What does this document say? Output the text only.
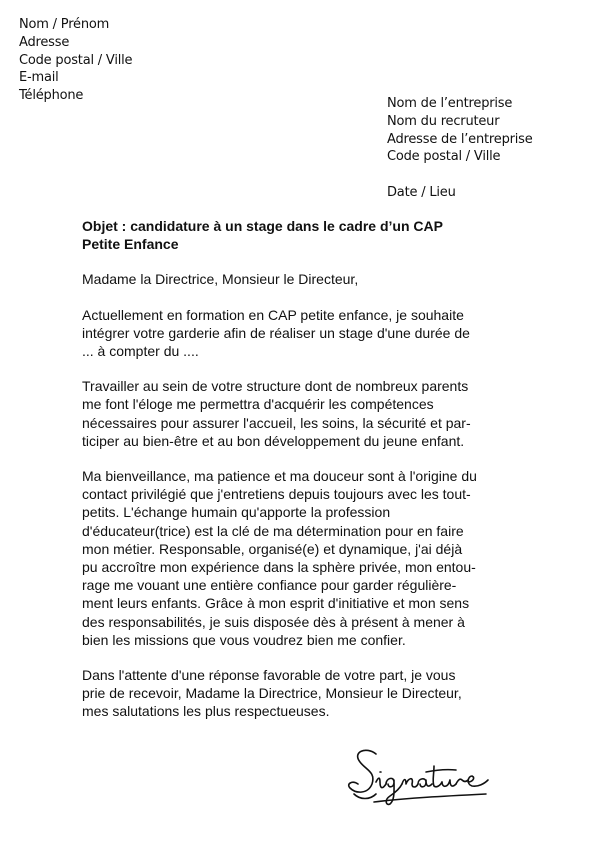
Nom / Prénom
Adresse
Code postal / Ville
E-mail
Téléphone
Nom de l’entreprise
Nom du recruteur
Adresse de l’entreprise
Code postal / Ville
Date / Lieu

Objet : candidature à un stage dans le cadre d’un CAP
Petite Enfance

Madame la Directrice, Monsieur le Directeur,

Actuellement en formation en CAP petite enfance, je souhaite
intégrer votre garderie afin de réaliser un stage d'une durée de
... à compter du ....

Travailler au sein de votre structure dont de nombreux parents
me font l'éloge me permettra d'acquérir les compétences
nécessaires pour assurer l'accueil, les soins, la sécurité et par-
ticiper au bien-être et au bon développement du jeune enfant.

Ma bienveillance, ma patience et ma douceur sont à l'origine du
contact privilégié que j'entretiens depuis toujours avec les tout-
petits. L'échange humain qu'apporte la profession
d'éducateur(trice) est la clé de ma détermination pour en faire
mon métier. Responsable, organisé(e) et dynamique, j'ai déjà
pu accroître mon expérience dans la sphère privée, mon entou-
rage me vouant une entière confiance pour garder régulière-
ment leurs enfants. Grâce à mon esprit d'initiative et mon sens
des responsabilités, je suis disposée dès à présent à mener à
bien les missions que vous voudrez bien me confier.

Dans l'attente d'une réponse favorable de votre part, je vous
prie de recevoir, Madame la Directrice, Monsieur le Directeur,
mes salutations les plus respectueuses.
